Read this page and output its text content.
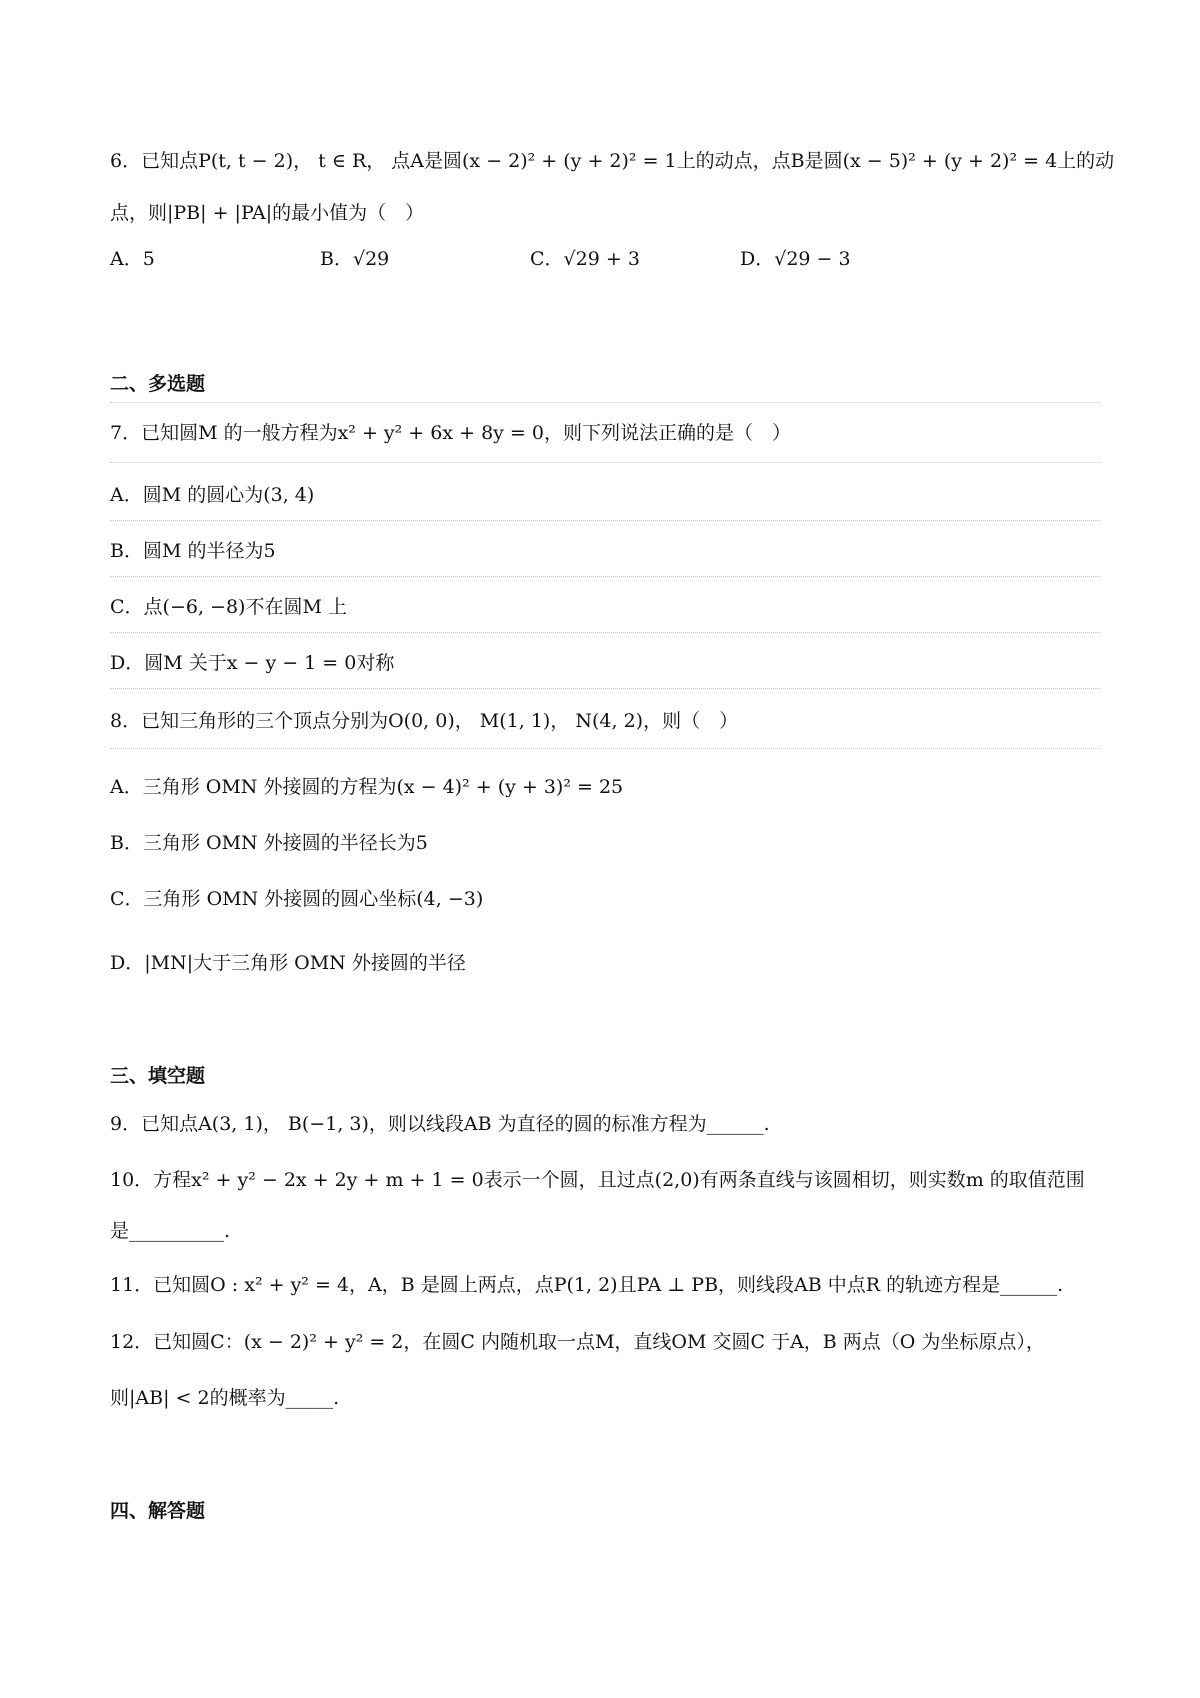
6．已知点P(t, t − 2)， t ∈ R， 点A是圆(x − 2)² + (y + 2)² = 1上的动点，点B是圆(x − 5)² + (y + 2)² = 4上的动
点，则|PB| + |PA|的最小值为（　）
A．5	B．√29	C．√29 + 3	D．√29 − 3
二、多选题
7．已知圆M 的一般方程为x² + y² + 6x + 8y = 0，则下列说法正确的是（　）
A．圆M 的圆心为(3, 4)
B．圆M 的半径为5
C．点(−6, −8)不在圆M 上
D．圆M 关于x − y − 1 = 0对称
8．已知三角形的三个顶点分别为O(0, 0)， M(1, 1)， N(4, 2)，则（　）
A．三角形 OMN 外接圆的方程为(x − 4)² + (y + 3)² = 25
B．三角形 OMN 外接圆的半径长为5
C．三角形 OMN 外接圆的圆心坐标(4, −3)
D．|MN|大于三角形 OMN 外接圆的半径
三、填空题
9．已知点A(3, 1)， B(−1, 3)，则以线段AB 为直径的圆的标准方程为______.
10．方程x² + y² − 2x + 2y + m + 1 = 0表示一个圆，且过点(2,0)有两条直线与该圆相切，则实数m 的取值范围
是__________.
11．已知圆O : x² + y² = 4，A，B 是圆上两点，点P(1, 2)且PA ⊥ PB，则线段AB 中点R 的轨迹方程是______.
12．已知圆C：(x − 2)² + y² = 2，在圆C 内随机取一点M，直线OM 交圆C 于A，B 两点（O 为坐标原点），
则|AB| < 2的概率为_____.
四、解答题
